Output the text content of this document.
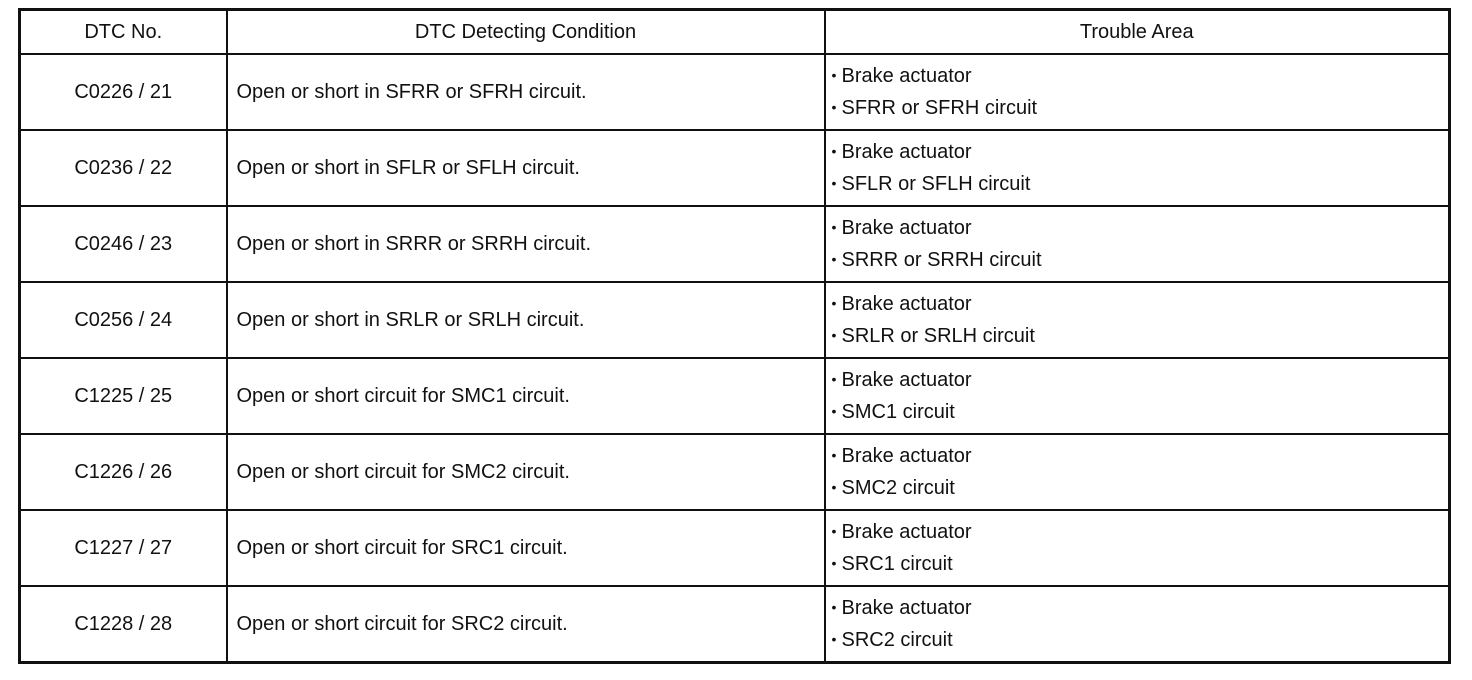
DTC No.	DTC Detecting Condition	Trouble Area
C0226 / 21	Open or short in SFRR or SFRH circuit.	• Brake actuator
• SFRR or SFRH circuit

C0236 / 22	Open or short in SFLR or SFLH circuit.	• Brake actuator
• SFLR or SFLH circuit

C0246 / 23	Open or short in SRRR or SRRH circuit.	• Brake actuator
• SRRR or SRRH circuit

C0256 / 24	Open or short in SRLR or SRLH circuit.	• Brake actuator
• SRLR or SRLH circuit

C1225 / 25	Open or short circuit for SMC1 circuit.	• Brake actuator
• SMC1 circuit

C1226 / 26	Open or short circuit for SMC2 circuit.	• Brake actuator
• SMC2 circuit

C1227 / 27	Open or short circuit for SRC1 circuit.	• Brake actuator
• SRC1 circuit

C1228 / 28	Open or short circuit for SRC2 circuit.	• Brake actuator
• SRC2 circuit
